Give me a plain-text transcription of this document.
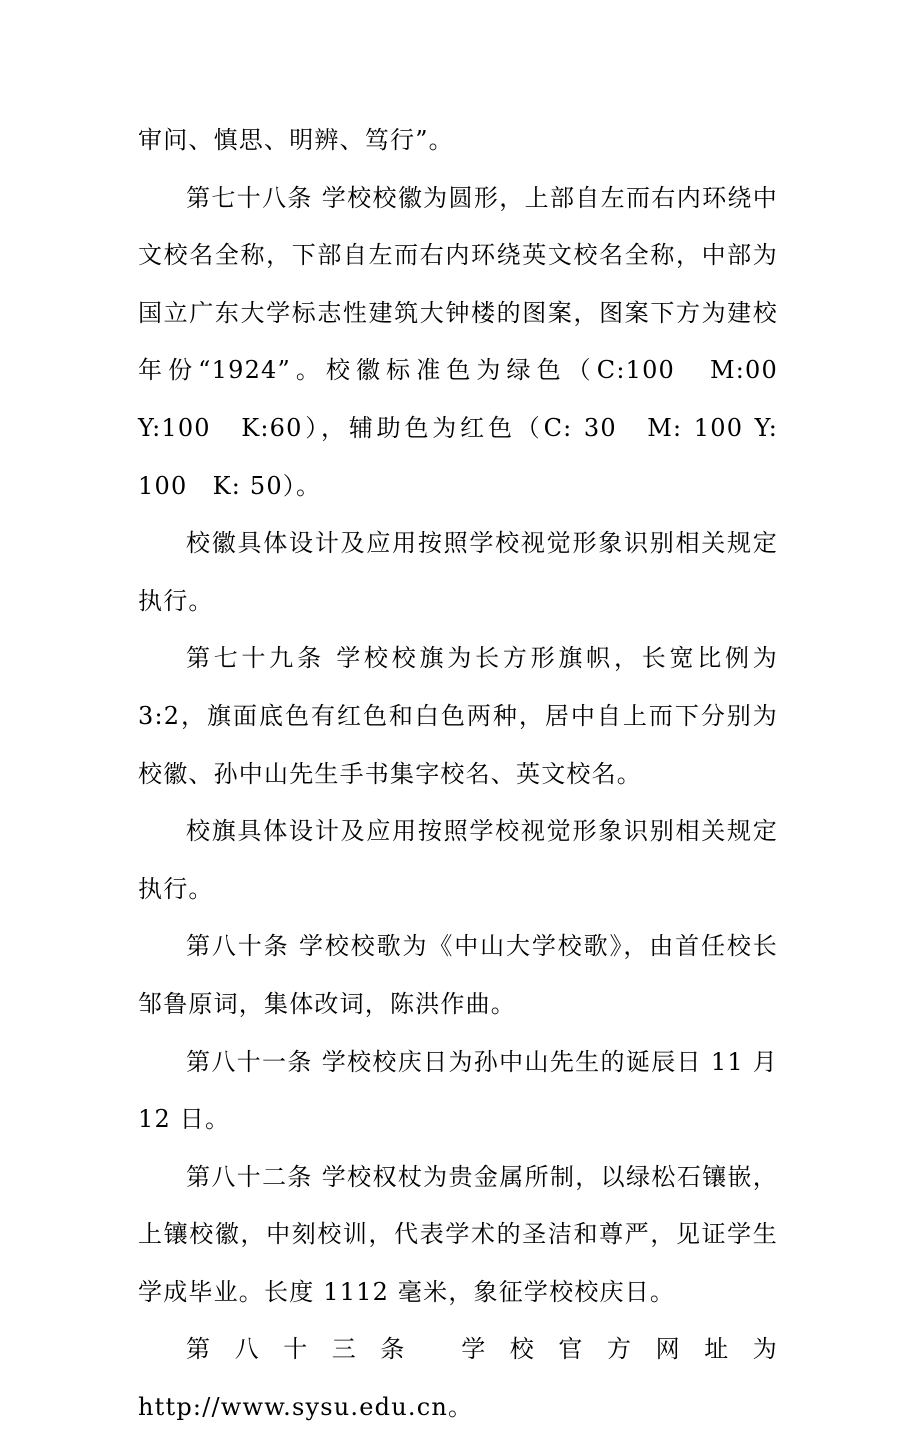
审问、慎思、明辨、笃行”。

第七十八条 学校校徽为圆形，上部自左而右内环绕中文校名全称，下部自左而右内环绕英文校名全称，中部为国立广东大学标志性建筑大钟楼的图案，图案下方为建校年份“1924”。校徽标准色为绿色（C:100　M:00　Y:100　K:60），辅助色为红色（C: 30　M: 100 Y: 100　K: 50）。

校徽具体设计及应用按照学校视觉形象识别相关规定执行。

第七十九条 学校校旗为长方形旗帜，长宽比例为 3:2，旗面底色有红色和白色两种，居中自上而下分别为校徽、孙中山先生手书集字校名、英文校名。

校旗具体设计及应用按照学校视觉形象识别相关规定执行。

第八十条 学校校歌为《中山大学校歌》，由首任校长邹鲁原词，集体改词，陈洪作曲。

第八十一条 学校校庆日为孙中山先生的诞辰日 11 月 12 日。

第八十二条 学校权杖为贵金属所制，以绿松石镶嵌，上镶校徽，中刻校训，代表学术的圣洁和尊严，见证学生学成毕业。长度 1112 毫米，象征学校校庆日。

第八十三条 学校官方网址为 http://www.sysu.edu.cn。
